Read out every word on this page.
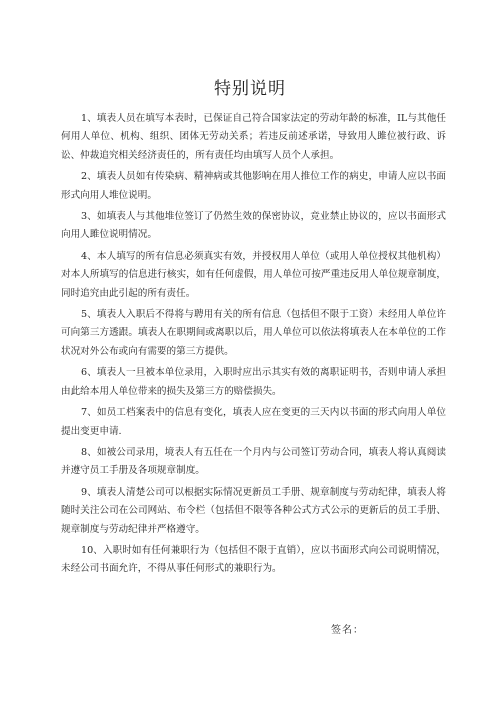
特别说明

1、填表人员在填写本表时，已保证自己符合国家法定的劳动年龄的标准，IL与其他任何用人单位、机构、组织、团体无劳动关系；若违反前述承诺，导致用人雎位被行政、诉讼、仲裁追究相关经济责任的，所有责任均由填写人员个人承担。

2、填表人员如有传染病、精神病或其他影响在用人推位工作的病史，申请人应以书面形式向用人堆位说明。

3、如填表人与其他堆位签订了仍然生效的保密协议，竞业禁止协议的，应以书面形式向用人雎位说明情况。

4、本人填写的所有信息必须真实有效，并授权用人单位（或用人单位授权其他机构）对本人所填写的信息进行核实，如有任何虚假，用人单位可按严重违反用人单位规章制度，同时追究由此引起的所有责任。

5、填表人入职后不得将与聘用有关的所有信息（包括但不限于工资）未经用人单位许可向第三方透跟。填表人在职期间或离职以后，用人单位可以依法将填表人在本单位的工作状况对外公布或向有需要的第三方提供。

6、填表人一旦被本单位录用，入职时应出示其实有效的离职证明书，否则申请人承担由此给本用人单位带来的损失及第三方的赔偿损失。

7、如员工档案表中的信息有变化，填表人应在变更的三天内以书面的形式向用人单位提出变更申请.

8、如被公司录用，境表人有五任在一个月内与公司签订劳动合同，填表人将认真阅读并遵守员工手册及各项规章制度。

9、填表人清楚公司可以根据实际情况更新员工手册、规章制度与劳动纪律，填表人将随时关注公司在公司网站、布令栏（包括但不限等各种公式方式公示的更新后的员工手册、规章制度与劳动纪律并严格遵守。

10、入职时如有任何兼职行为（包括但不限于直销），应以书面形式向公司说明情况，未经公司书面允许，不得从事任何形式的兼职行为。

签名：
